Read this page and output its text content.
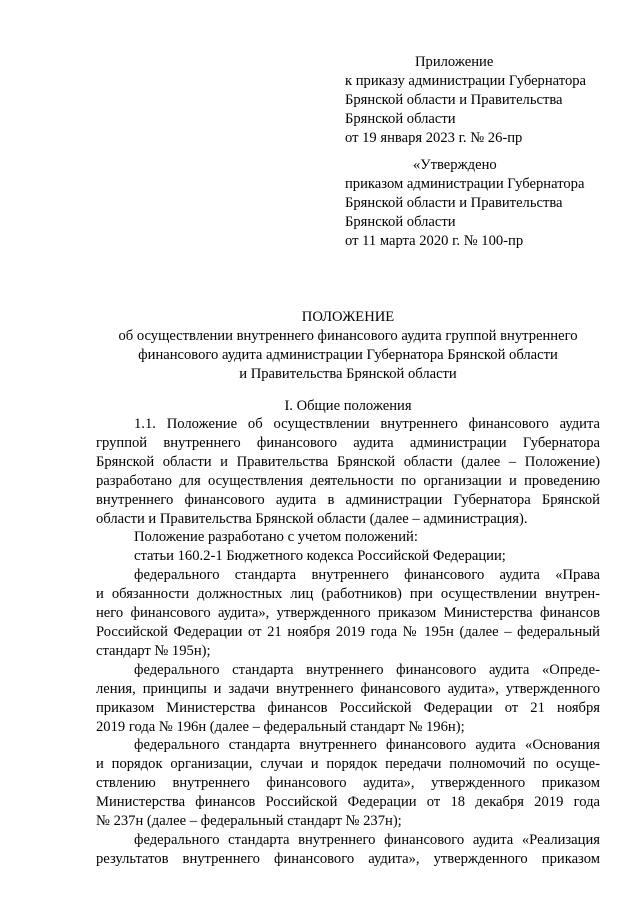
Приложение
к приказу администрации Губернатора
Брянской области и Правительства
Брянской области
от 19 января 2023 г. № 26-пр
«Утверждено
приказом администрации Губернатора
Брянской области и Правительства
Брянской области
от 11 марта 2020 г. № 100-пр
ПОЛОЖЕНИЕ
об осуществлении внутреннего финансового аудита группой внутреннего
финансового аудита администрации Губернатора Брянской области
и Правительства Брянской области
I. Общие положения

1.1. Положение об осуществлении внутреннего финансового аудита
группой внутреннего финансового аудита администрации Губернатора
Брянской области и Правительства Брянской области (далее – Положение)
разработано для осуществления деятельности по организации и проведению
внутреннего финансового аудита в администрации Губернатора Брянской
области и Правительства Брянской области (далее – администрация).

Положение разработано с учетом положений:

статьи 160.2-1 Бюджетного кодекса Российской Федерации;

федерального стандарта внутреннего финансового аудита «Права
и обязанности должностных лиц (работников) при осуществлении внутрен-
него финансового аудита», утвержденного приказом Министерства финансов
Российской Федерации от 21 ноября 2019 года № 195н (далее – федеральный
стандарт № 195н);

федерального стандарта внутреннего финансового аудита «Опреде-
ления, принципы и задачи внутреннего финансового аудита», утвержденного
приказом Министерства финансов Российской Федерации от 21 ноября
2019 года № 196н (далее – федеральный стандарт № 196н);

федерального стандарта внутреннего финансового аудита «Основания
и порядок организации, случаи и порядок передачи полномочий по осуще-
ствлению внутреннего финансового аудита», утвержденного приказом
Министерства финансов Российской Федерации от 18 декабря 2019 года
№ 237н (далее – федеральный стандарт № 237н);

федерального стандарта внутреннего финансового аудита «Реализация
результатов внутреннего финансового аудита», утвержденного приказом
